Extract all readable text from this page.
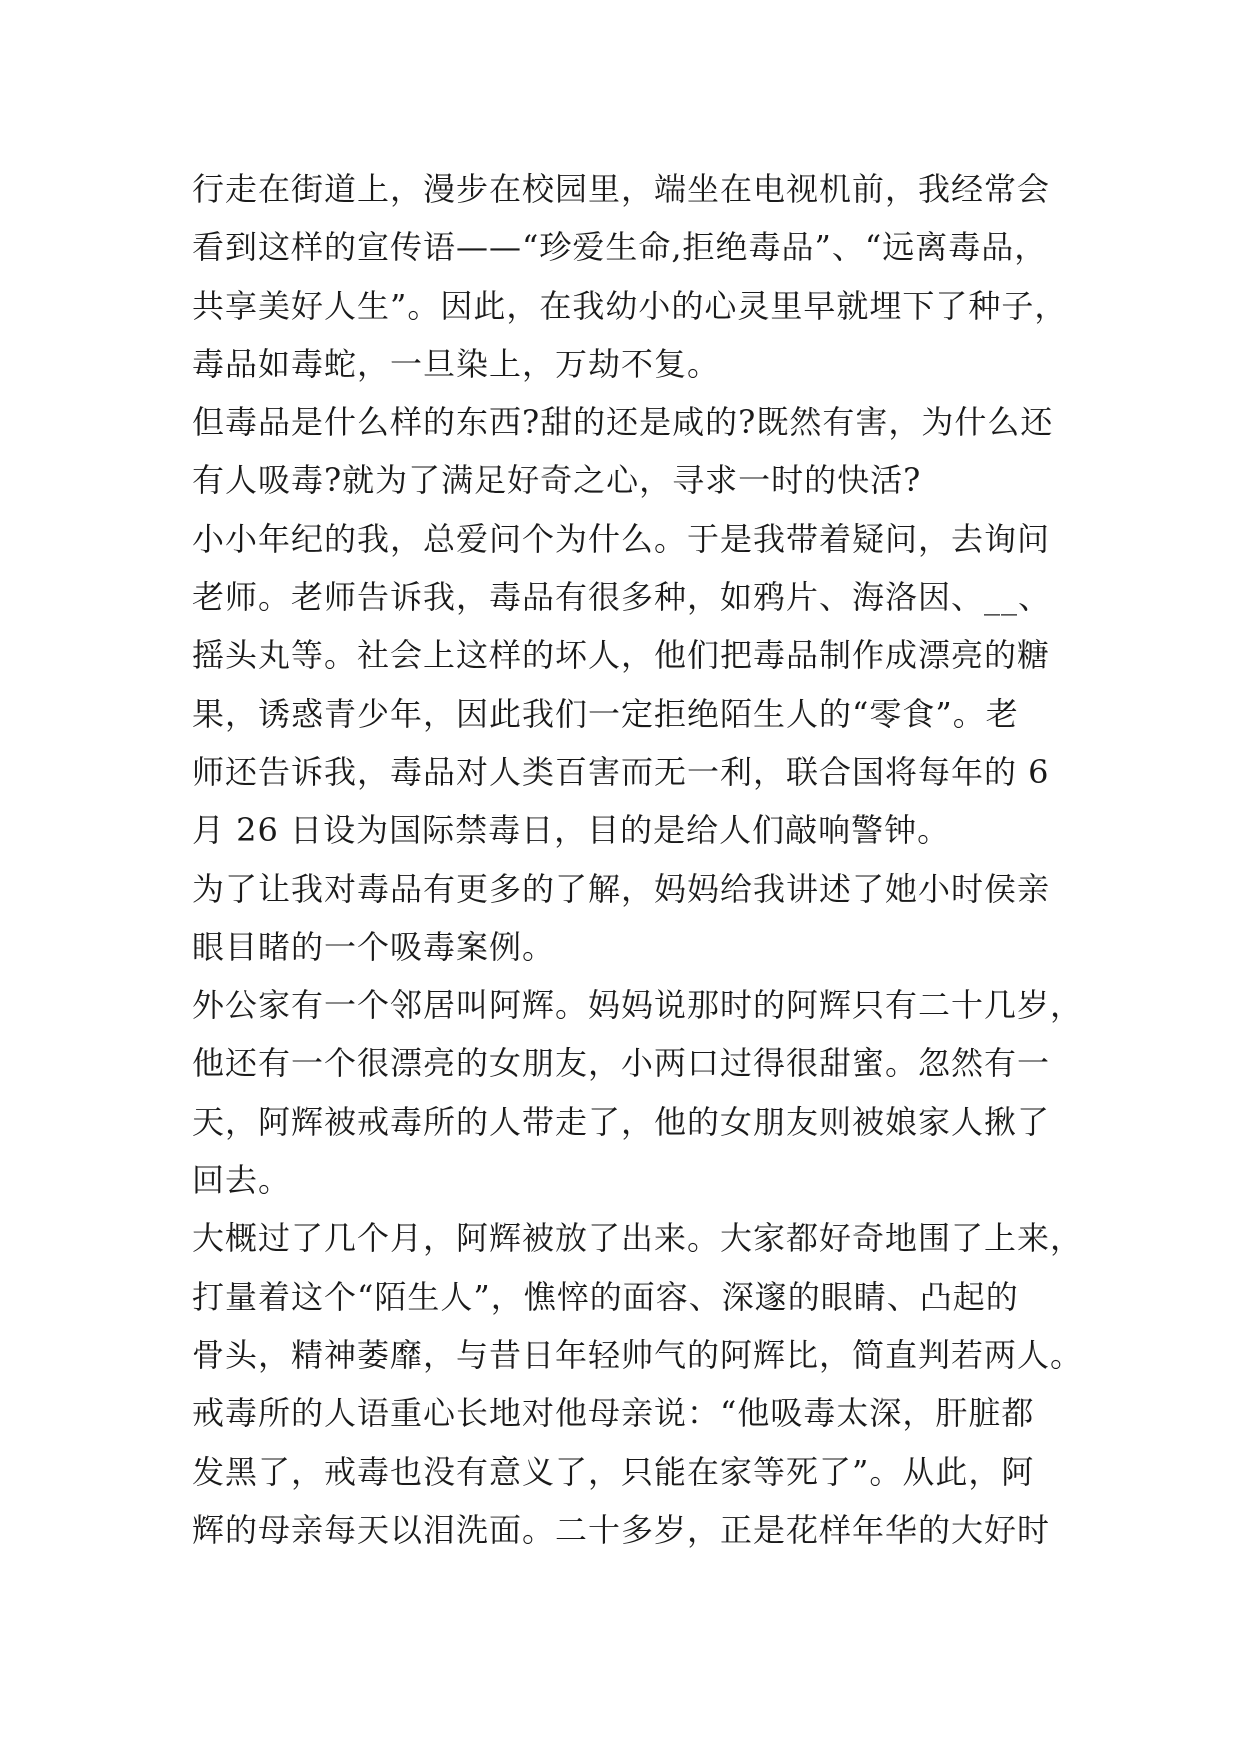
行走在街道上，漫步在校园里，端坐在电视机前，我经常会
看到这样的宣传语——“珍爱生命,拒绝毒品”、“远离毒品，
共享美好人生”。因此，在我幼小的心灵里早就埋下了种子，
毒品如毒蛇，一旦染上，万劫不复。
但毒品是什么样的东西?甜的还是咸的?既然有害，为什么还
有人吸毒?就为了满足好奇之心，寻求一时的快活?
小小年纪的我，总爱问个为什么。于是我带着疑问，去询问
老师。老师告诉我，毒品有很多种，如鸦片、海洛因、__、
摇头丸等。社会上这样的坏人，他们把毒品制作成漂亮的糖
果，诱惑青少年，因此我们一定拒绝陌生人的“零食”。老
师还告诉我，毒品对人类百害而无一利，联合国将每年的 6
月 26 日设为国际禁毒日，目的是给人们敲响警钟。
为了让我对毒品有更多的了解，妈妈给我讲述了她小时侯亲
眼目睹的一个吸毒案例。
外公家有一个邻居叫阿辉。妈妈说那时的阿辉只有二十几岁，
他还有一个很漂亮的女朋友，小两口过得很甜蜜。忽然有一
天，阿辉被戒毒所的人带走了，他的女朋友则被娘家人揪了
回去。
大概过了几个月，阿辉被放了出来。大家都好奇地围了上来，
打量着这个“陌生人”，憔悴的面容、深邃的眼睛、凸起的
骨头，精神萎靡，与昔日年轻帅气的阿辉比，简直判若两人。
戒毒所的人语重心长地对他母亲说：“他吸毒太深，肝脏都
发黑了，戒毒也没有意义了，只能在家等死了”。从此，阿
辉的母亲每天以泪洗面。二十多岁，正是花样年华的大好时
